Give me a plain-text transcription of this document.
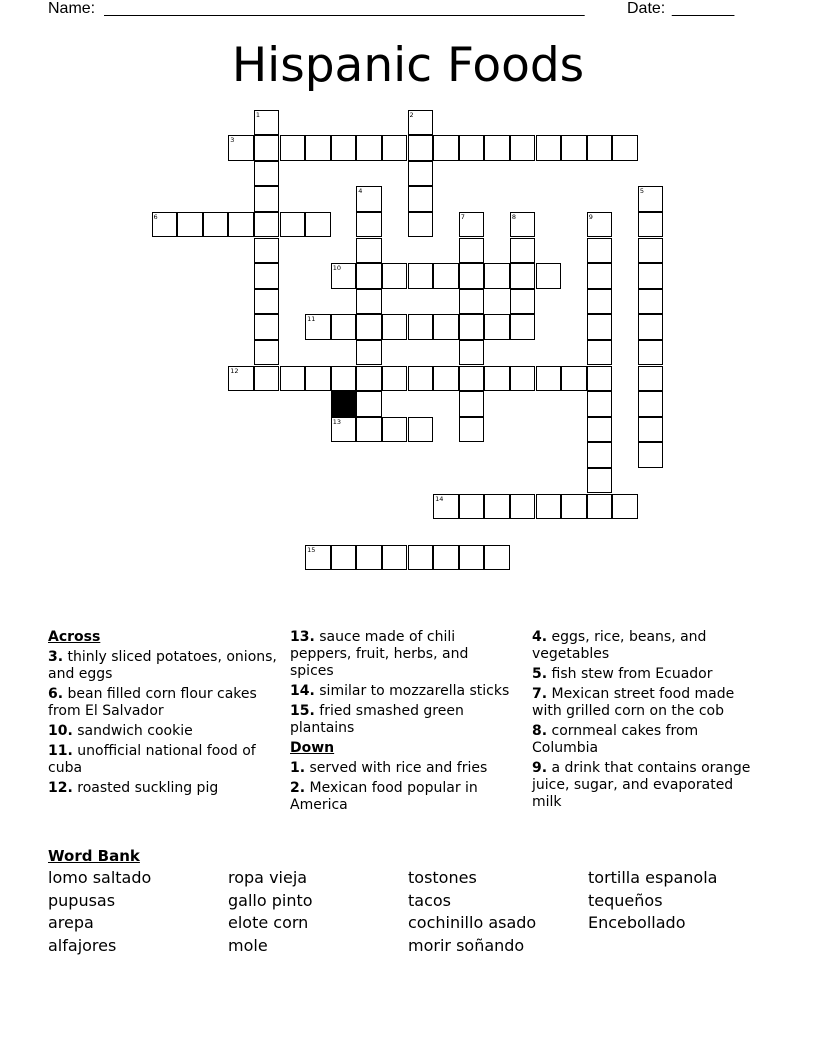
Name: ______________________________________________________	Date: _______
Hispanic Foods
3
6
10
11
12
13
14
15
1	2
4	5
7	8	9
Across
3. thinly sliced potatoes, onions, and eggs
6. bean filled corn flour cakes from El Salvador
10. sandwich cookie
11. unofficial national food of cuba
12. roasted suckling pig
13. sauce made of chili peppers, fruit, herbs, and spices
14. similar to mozzarella sticks
15. fried smashed green plantains
Down
1. served with rice and fries
2. Mexican food popular in America
4. eggs, rice, beans, and vegetables
5. fish stew from Ecuador
7. Mexican street food made with grilled corn on the cob
8. cornmeal cakes from Columbia
9. a drink that contains orange juice, sugar, and evaporated milk
Word Bank
lomo saltado
pupusas
arepa
alfajores
ropa vieja
gallo pinto
elote corn
mole
tostones
tacos
cochinillo asado
morir soñando
tortilla espanola
tequeños
Encebollado
